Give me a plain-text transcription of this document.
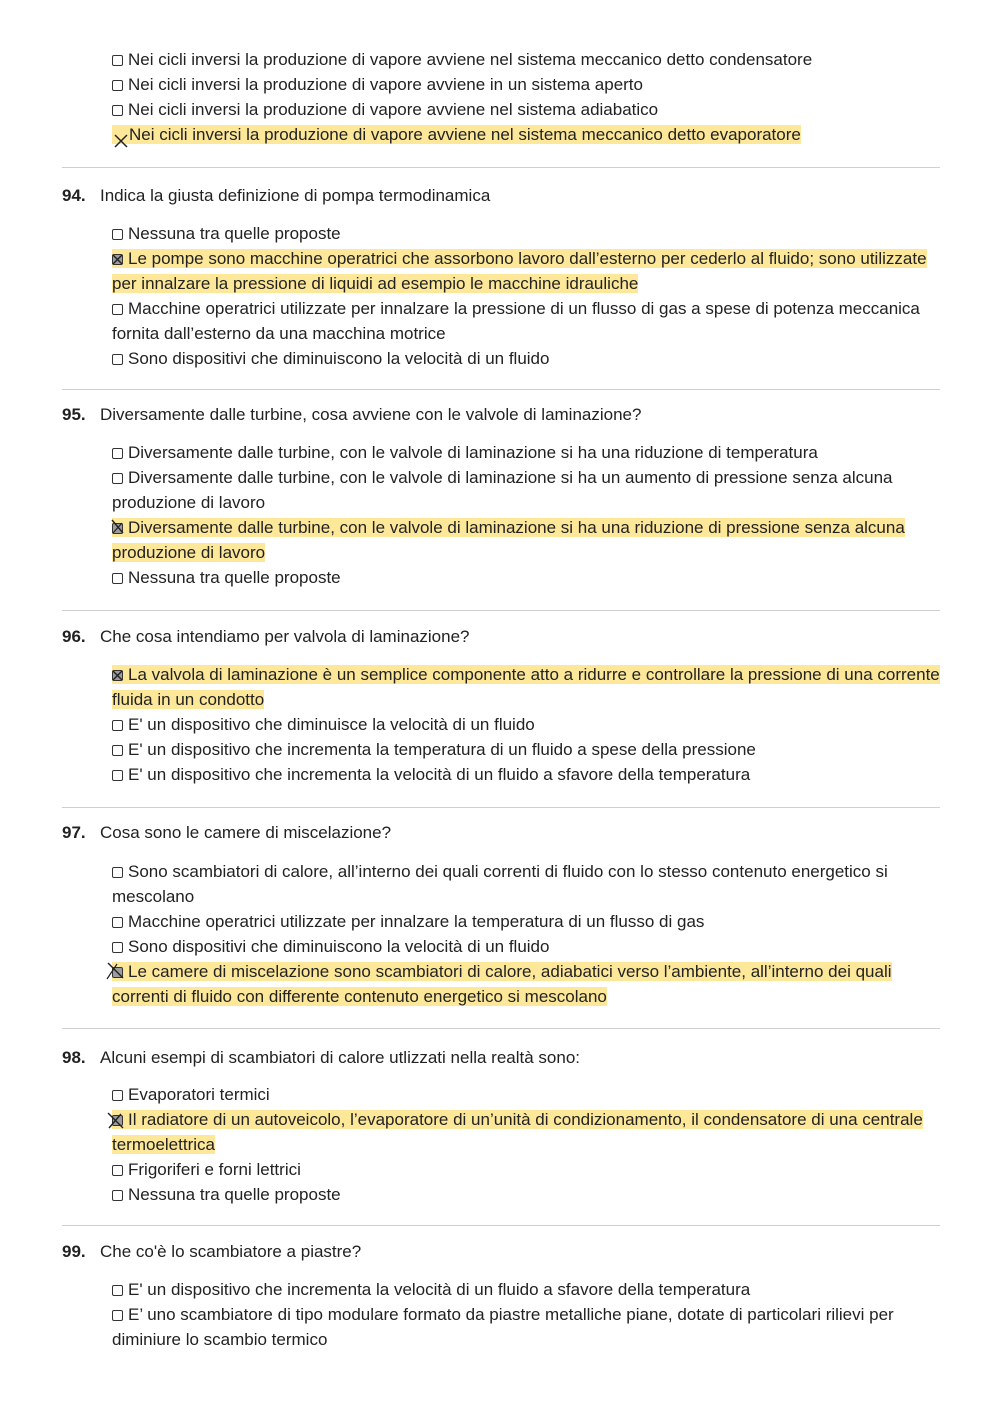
Nei cicli inversi la produzione di vapore avviene nel sistema meccanico detto condensatore
Nei cicli inversi la produzione di vapore avviene in un sistema aperto
Nei cicli inversi la produzione di vapore avviene nel sistema adiabatico
Nei cicli inversi la produzione di vapore avviene nel sistema meccanico detto evaporatore
94. Indica la giusta definizione di pompa termodinamica
Nessuna tra quelle proposte
Le pompe sono macchine operatrici che assorbono lavoro dall’esterno per cederlo al fluido; sono utilizzate per innalzare la pressione di liquidi ad esempio le macchine idrauliche
Macchine operatrici utilizzate per innalzare la pressione di un flusso di gas a spese di potenza meccanica fornita dall’esterno da una macchina motrice
Sono dispositivi che diminuiscono la velocità di un fluido
95. Diversamente dalle turbine, cosa avviene con le valvole di laminazione?
Diversamente dalle turbine, con le valvole di laminazione si ha una riduzione di temperatura
Diversamente dalle turbine, con le valvole di laminazione si ha un aumento di pressione senza alcuna produzione di lavoro
Diversamente dalle turbine, con le valvole di laminazione si ha una riduzione di pressione senza alcuna produzione di lavoro
Nessuna tra quelle proposte
96. Che cosa intendiamo per valvola di laminazione?
La valvola di laminazione è un semplice componente atto a ridurre e controllare la pressione di una corrente fluida in un condotto
E' un dispositivo che diminuisce la velocità di un fluido
E' un dispositivo che incrementa la temperatura di un fluido a spese della pressione
E' un dispositivo che incrementa la velocità di un fluido a sfavore della temperatura
97. Cosa sono le camere di miscelazione?
Sono scambiatori di calore, all’interno dei quali correnti di fluido con lo stesso contenuto energetico si mescolano
Macchine operatrici utilizzate per innalzare la temperatura di un flusso di gas
Sono dispositivi che diminuiscono la velocità di un fluido
Le camere di miscelazione sono scambiatori di calore, adiabatici verso l’ambiente, all’interno dei quali correnti di fluido con differente contenuto energetico si mescolano
98. Alcuni esempi di scambiatori di calore utlizzati nella realtà sono:
Evaporatori termici
Il radiatore di un autoveicolo, l’evaporatore di un’unità di condizionamento, il condensatore di una centrale termoelettrica
Frigoriferi e forni lettrici
Nessuna tra quelle proposte
99. Che co'è lo scambiatore a piastre?
E' un dispositivo che incrementa la velocità di un fluido a sfavore della temperatura
E’ uno scambiatore di tipo modulare formato da piastre metalliche piane, dotate di particolari rilievi per diminiure lo scambio termico
